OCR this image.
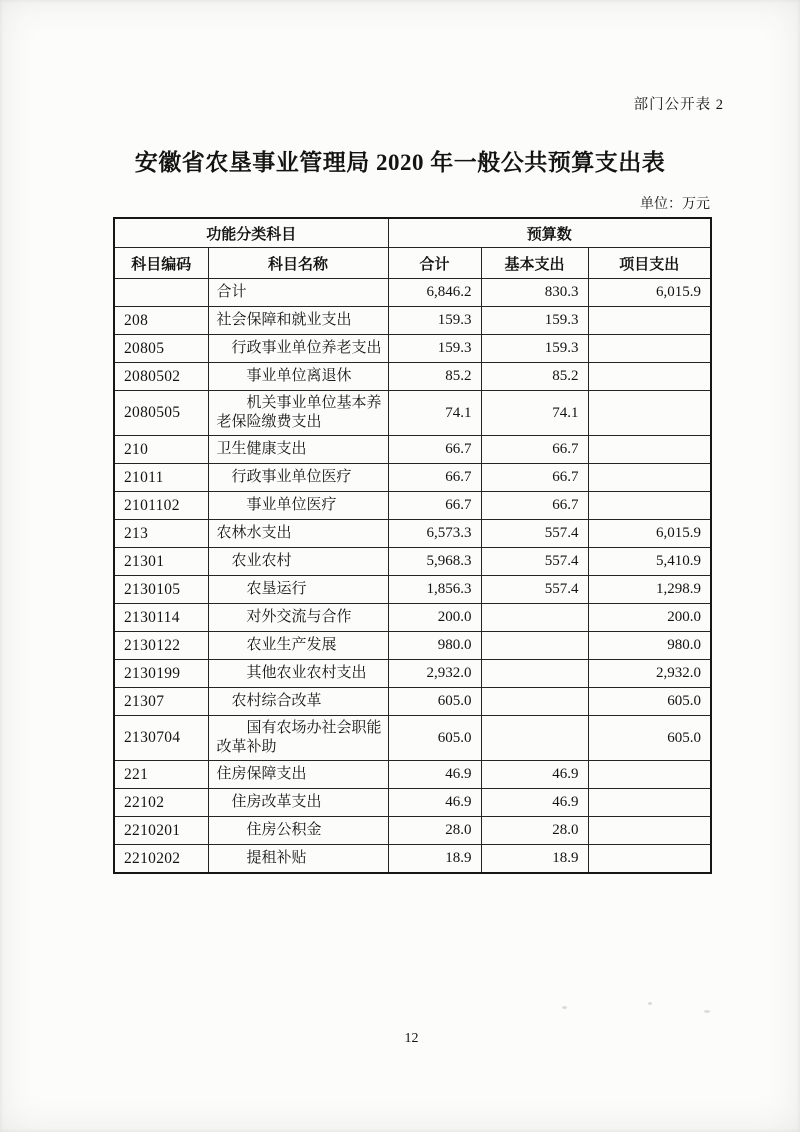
部门公开表 2
安徽省农垦事业管理局 2020 年一般公共预算支出表
单位：万元
功能分类科目		预算数		
科目编码	科目名称	合计	基本支出	项目支出
	合计	6,846.2	830.3	6,015.9
208	社会保障和就业支出	159.3	159.3	
20805	行政事业单位养老支出	159.3	159.3	
2080502	事业单位离退休	85.2	85.2	
2080505	机关事业单位基本养老保险缴费支出	74.1	74.1	
210	卫生健康支出	66.7	66.7	
21011	行政事业单位医疗	66.7	66.7	
2101102	事业单位医疗	66.7	66.7	
213	农林水支出	6,573.3	557.4	6,015.9
21301	农业农村	5,968.3	557.4	5,410.9
2130105	农垦运行	1,856.3	557.4	1,298.9
2130114	对外交流与合作	200.0		200.0
2130122	农业生产发展	980.0		980.0
2130199	其他农业农村支出	2,932.0		2,932.0
21307	农村综合改革	605.0		605.0
2130704	国有农场办社会职能改革补助	605.0		605.0
221	住房保障支出	46.9	46.9	
22102	住房改革支出	46.9	46.9	
2210201	住房公积金	28.0	28.0	
2210202	提租补贴	18.9	18.9	
12
